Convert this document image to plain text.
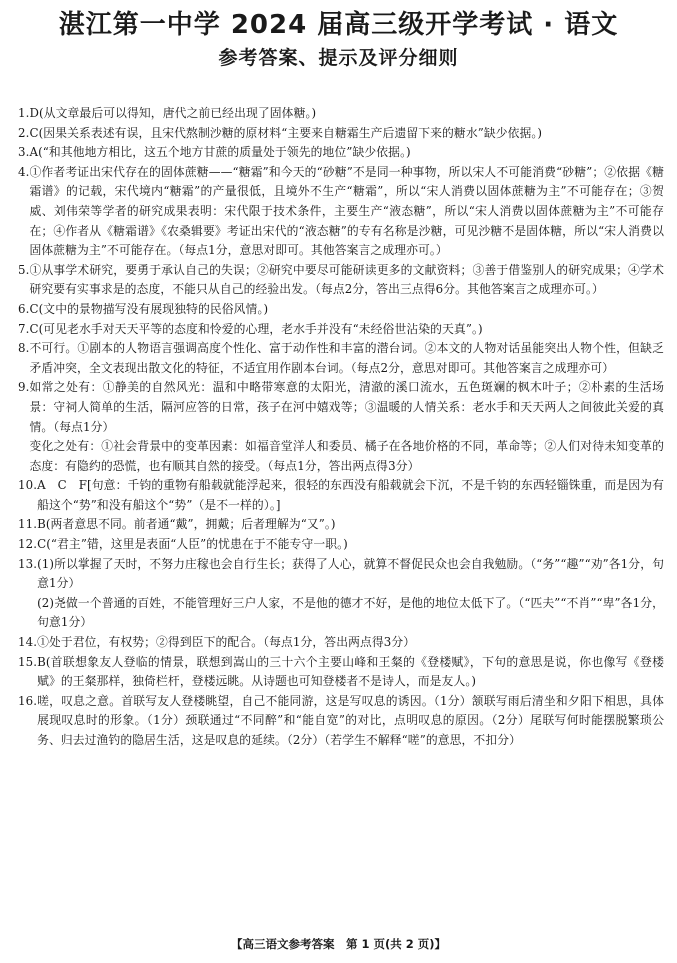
湛江第一中学 2024 届高三级开学考试 · 语文
参考答案、提示及评分细则
1. D(从文章最后可以得知，唐代之前已经出现了固体糖。)
2. C(因果关系表述有误，且宋代熬制沙糖的原材料“主要来自糖霜生产后遗留下来的糖水”缺少依据。)
3. A(“和其他地方相比，这五个地方甘蔗的质量处于领先的地位”缺少依据。)
4. ①作者考证出宋代存在的固体蔗糖——“糖霜”和今天的“砂糖”不是同一种事物，所以宋人不可能消费“砂糖”；②依据《糖霜谱》的记载，宋代境内“糖霜”的产量很低，且境外不生产“糖霜”，所以“宋人消费以固体蔗糖为主”不可能存在；③贺威、刘伟荣等学者的研究成果表明：宋代限于技术条件，主要生产“液态糖”，所以“宋人消费以固体蔗糖为主”不可能存在；④作者从《糖霜谱》《农桑辑要》考证出宋代的“液态糖”的专有名称是沙糖，可见沙糖不是固体糖，所以“宋人消费以固体蔗糖为主”不可能存在。（每点1分，意思对即可。其他答案言之成理亦可。）
5. ①从事学术研究，要勇于承认自己的失误；②研究中要尽可能研读更多的文献资料；③善于借鉴别人的研究成果；④学术研究要有实事求是的态度，不能只从自己的经验出发。（每点2分，答出三点得6分。其他答案言之成理亦可。）
6. C(文中的景物描写没有展现独特的民俗风情。)
7. C(可见老水手对天天平等的态度和怜爱的心理，老水手并没有“未经俗世沾染的天真”。)
8. 不可行。①剧本的人物语言强调高度个性化、富于动作性和丰富的潜台词。②本文的人物对话虽能突出人物个性，但缺乏矛盾冲突，全文表现出散文化的特征，不适宜用作剧本台词。（每点2分，意思对即可。其他答案言之成理亦可）
9. 如常之处有：①静美的自然风光：温和中略带寒意的太阳光，清澈的溪口流水，五色斑斓的枫木叶子；②朴素的生活场景：守祠人简单的生活，隔河应答的日常，孩子在河中嬉戏等；③温暖的人情关系：老水手和天天两人之间彼此关爱的真情。（每点1分）
变化之处有：①社会背景中的变革因素：如福音堂洋人和委员、橘子在各地价格的不同，革命等；②人们对待未知变革的态度：有隐约的恐慌，也有顺其自然的接受。（每点1分，答出两点得3分）
10. A　C　F[句意：千钧的重物有船载就能浮起来，很轻的东西没有船载就会下沉，不是千钧的东西轻锱铢重，而是因为有船这个“势”和没有船这个“势”（是不一样的）。]
11. B(两者意思不同。前者通“戴”，拥戴；后者理解为“又”。)
12. C(“君主”错，这里是表面“人臣”的忧患在于不能专守一职。)
13. (1)所以掌握了天时，不努力庄稼也会自行生长；获得了人心，就算不督促民众也会自我勉励。（“务”“趣”“劝”各1分，句意1分）
(2)尧做一个普通的百姓，不能管理好三户人家，不是他的德才不好，是他的地位太低下了。（“匹夫”“不肖”“卑”各1分，句意1分）
14. ①处于君位，有权势；②得到臣下的配合。（每点1分，答出两点得3分）
15. B(首联想象友人登临的情景，联想到嵩山的三十六个主要山峰和王粲的《登楼赋》，下句的意思是说，你也像写《登楼赋》的王粲那样，独倚栏杆，登楼远眺。从诗题也可知登楼者不是诗人，而是友人。)
16. 嗟，叹息之意。首联写友人登楼眺望，自己不能同游，这是写叹息的诱因。（1分）颔联写雨后清坐和夕阳下相思，具体展现叹息时的形象。（1分）颈联通过“不同醉”和“能自宽”的对比，点明叹息的原因。（2分）尾联写何时能摆脱繁琐公务、归去过渔钓的隐居生活，这是叹息的延续。（2分）（若学生不解释“嗟”的意思，不扣分）
【高三语文参考答案　第 1 页(共 2 页)】
